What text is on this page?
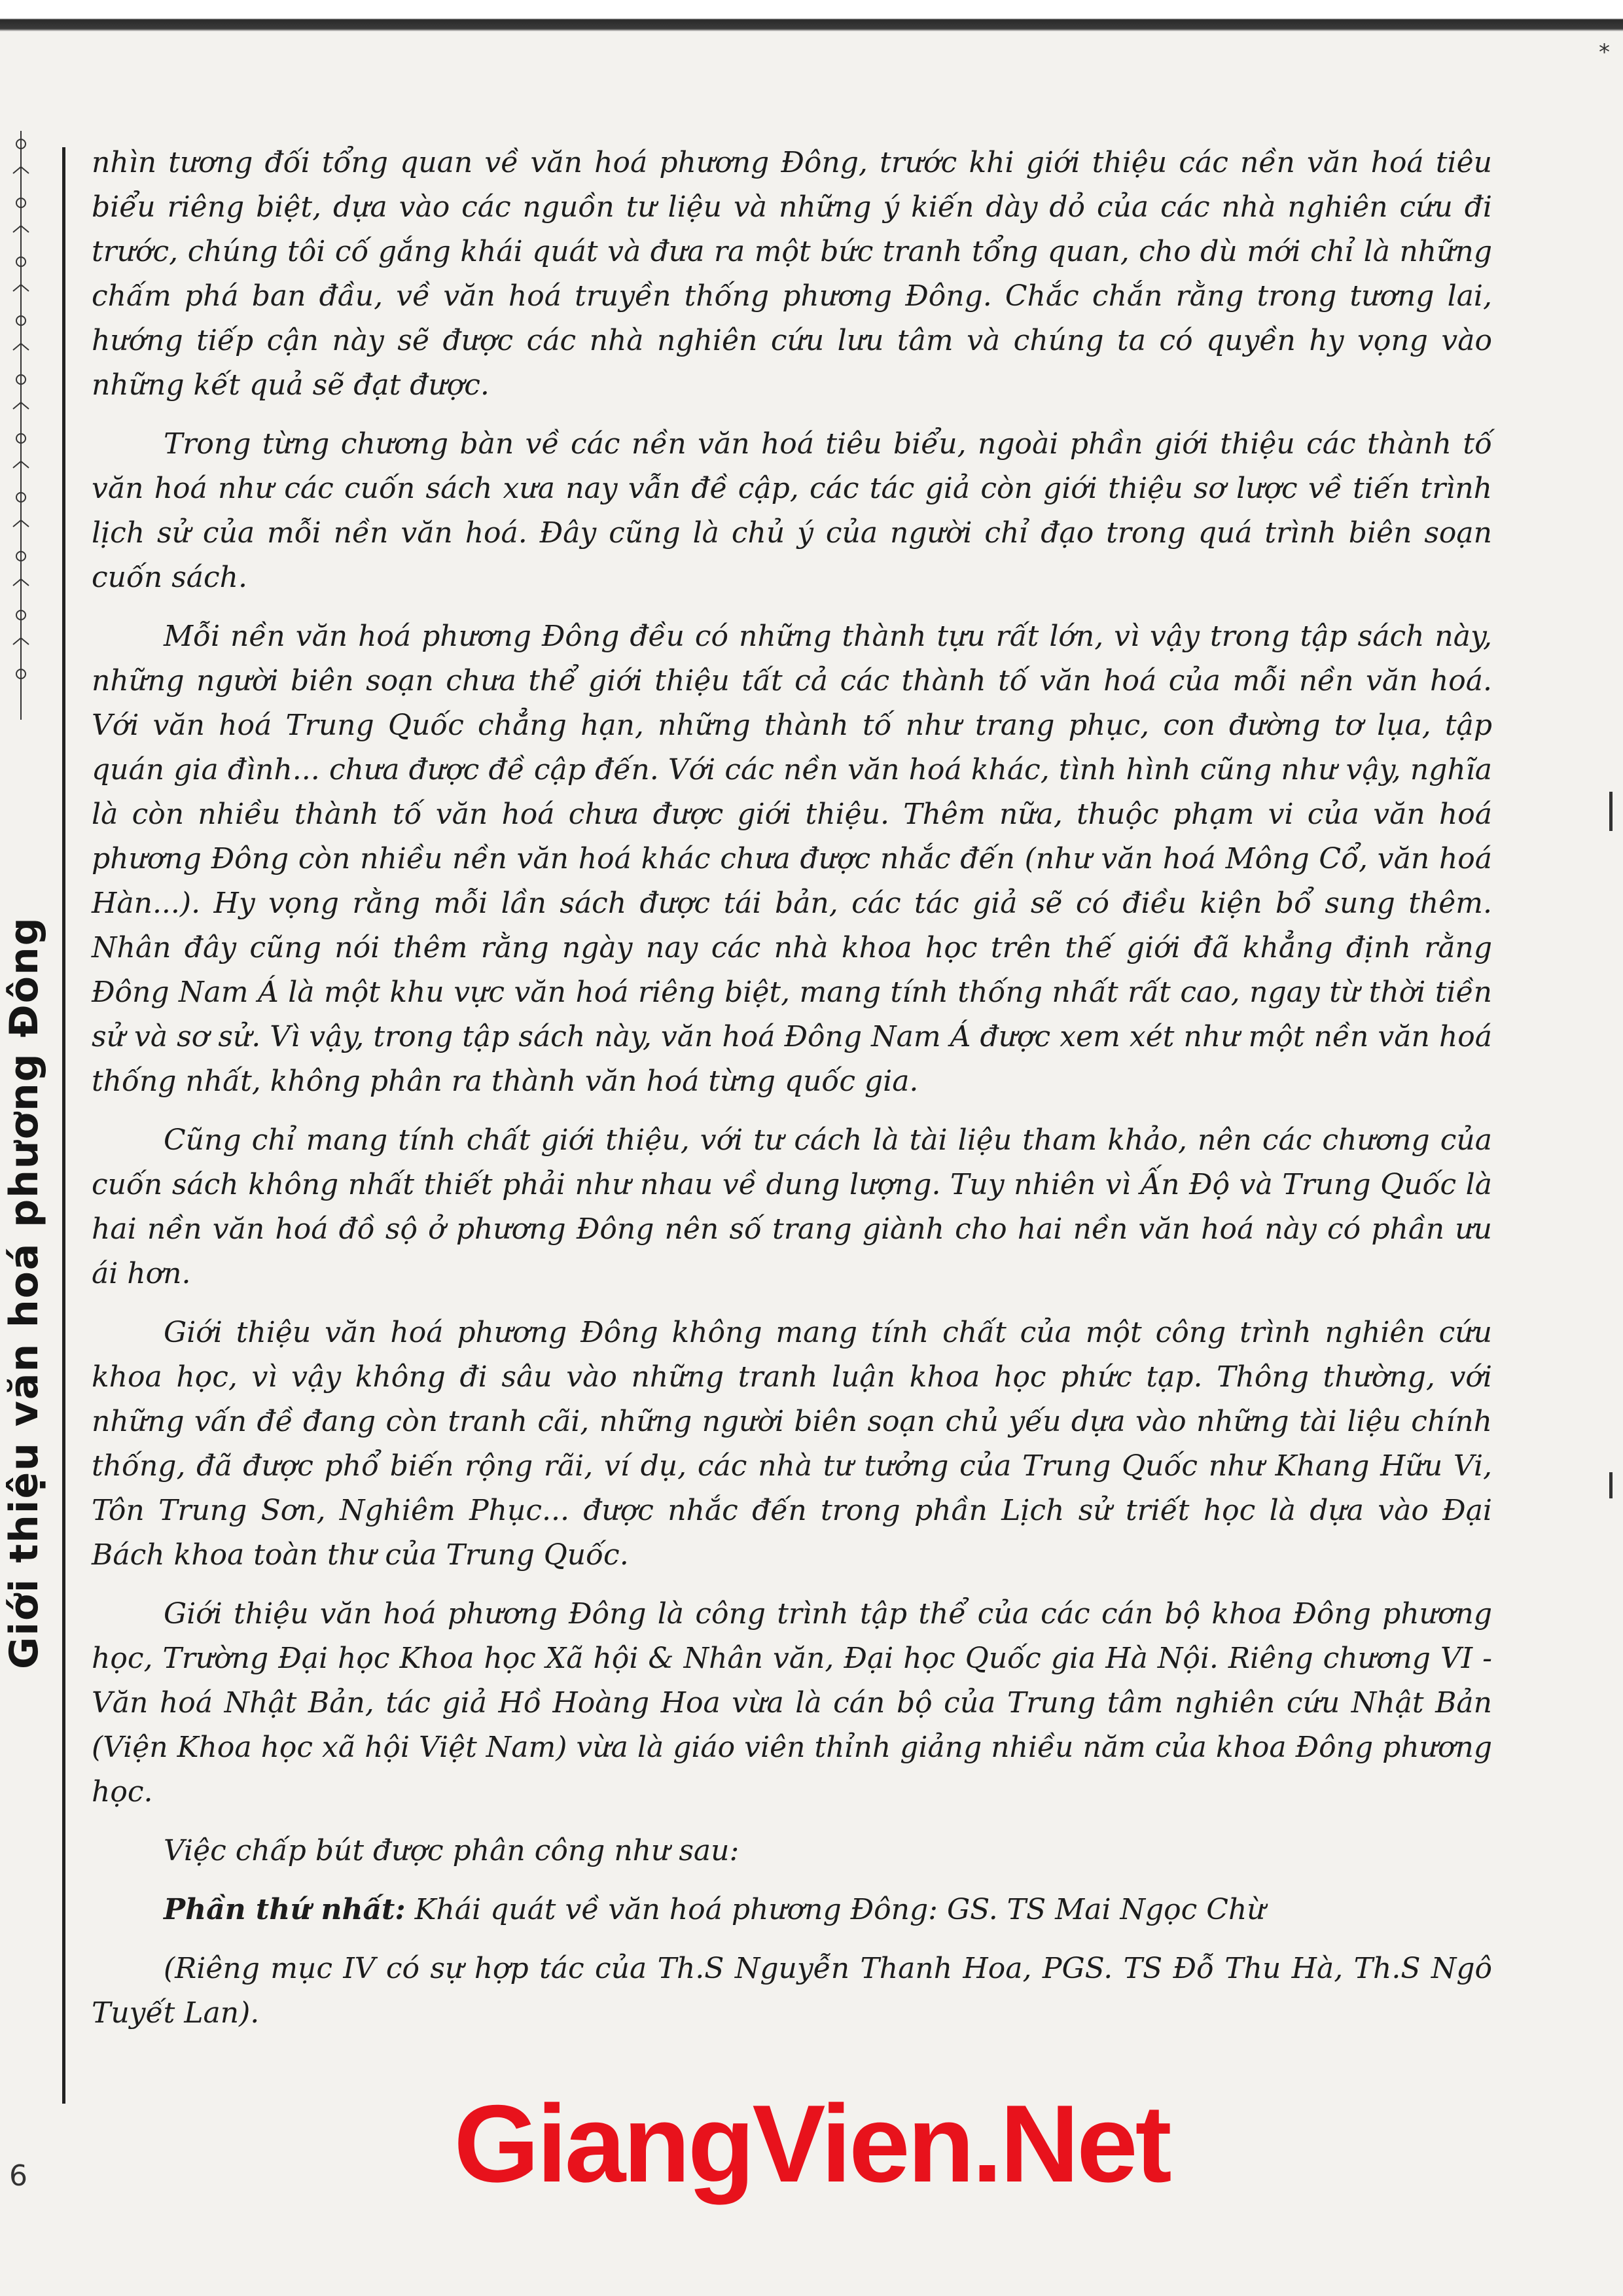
*
Giới thiệu văn hoá phương Đông

nhìn tương đối tổng quan về văn hoá phương Đông, trước khi giới thiệu các nền văn hoá tiêu biểu riêng biệt, dựa vào các nguồn tư liệu và những ý kiến dày dỏ của các nhà nghiên cứu đi trước, chúng tôi cố gắng khái quát và đưa ra một bức tranh tổng quan, cho dù mới chỉ là những chấm phá ban đầu, về văn hoá truyền thống phương Đông. Chắc chắn rằng trong tương lai, hướng tiếp cận này sẽ được các nhà nghiên cứu lưu tâm và chúng ta có quyền hy vọng vào những kết quả sẽ đạt được.

Trong từng chương bàn về các nền văn hoá tiêu biểu, ngoài phần giới thiệu các thành tố văn hoá như các cuốn sách xưa nay vẫn đề cập, các tác giả còn giới thiệu sơ lược về tiến trình lịch sử của mỗi nền văn hoá. Đây cũng là chủ ý của người chỉ đạo trong quá trình biên soạn cuốn sách.

Mỗi nền văn hoá phương Đông đều có những thành tựu rất lớn, vì vậy trong tập sách này, những người biên soạn chưa thể giới thiệu tất cả các thành tố văn hoá của mỗi nền văn hoá. Với văn hoá Trung Quốc chẳng hạn, những thành tố như trang phục, con đường tơ lụa, tập quán gia đình... chưa được đề cập đến. Với các nền văn hoá khác, tình hình cũng như vậy, nghĩa là còn nhiều thành tố văn hoá chưa được giới thiệu. Thêm nữa, thuộc phạm vi của văn hoá phương Đông còn nhiều nền văn hoá khác chưa được nhắc đến (như văn hoá Mông Cổ, văn hoá Hàn...). Hy vọng rằng mỗi lần sách được tái bản, các tác giả sẽ có điều kiện bổ sung thêm. Nhân đây cũng nói thêm rằng ngày nay các nhà khoa học trên thế giới đã khẳng định rằng Đông Nam Á là một khu vực văn hoá riêng biệt, mang tính thống nhất rất cao, ngay từ thời tiền sử và sơ sử. Vì vậy, trong tập sách này, văn hoá Đông Nam Á được xem xét như một nền văn hoá thống nhất, không phân ra thành văn hoá từng quốc gia.

Cũng chỉ mang tính chất giới thiệu, với tư cách là tài liệu tham khảo, nên các chương của cuốn sách không nhất thiết phải như nhau về dung lượng. Tuy nhiên vì Ấn Độ và Trung Quốc là hai nền văn hoá đồ sộ ở phương Đông nên số trang giành cho hai nền văn hoá này có phần ưu ái hơn.

Giới thiệu văn hoá phương Đông không mang tính chất của một công trình nghiên cứu khoa học, vì vậy không đi sâu vào những tranh luận khoa học phức tạp. Thông thường, với những vấn đề đang còn tranh cãi, những người biên soạn chủ yếu dựa vào những tài liệu chính thống, đã được phổ biến rộng rãi, ví dụ, các nhà tư tưởng của Trung Quốc như Khang Hữu Vi, Tôn Trung Sơn, Nghiêm Phục... được nhắc đến trong phần Lịch sử triết học là dựa vào Đại Bách khoa toàn thư của Trung Quốc.

Giới thiệu văn hoá phương Đông là công trình tập thể của các cán bộ khoa Đông phương học, Trường Đại học Khoa học Xã hội & Nhân văn, Đại học Quốc gia Hà Nội. Riêng chương VI - Văn hoá Nhật Bản, tác giả Hồ Hoàng Hoa vừa là cán bộ của Trung tâm nghiên cứu Nhật Bản (Viện Khoa học xã hội Việt Nam) vừa là giáo viên thỉnh giảng nhiều năm của khoa Đông phương học.

Việc chấp bút được phân công như sau:

Phần thứ nhất: Khái quát về văn hoá phương Đông: GS. TS Mai Ngọc Chừ

(Riêng mục IV có sự hợp tác của Th.S Nguyễn Thanh Hoa, PGS. TS Đỗ Thu Hà, Th.S Ngô Tuyết Lan).

GiangVien.Net
6
